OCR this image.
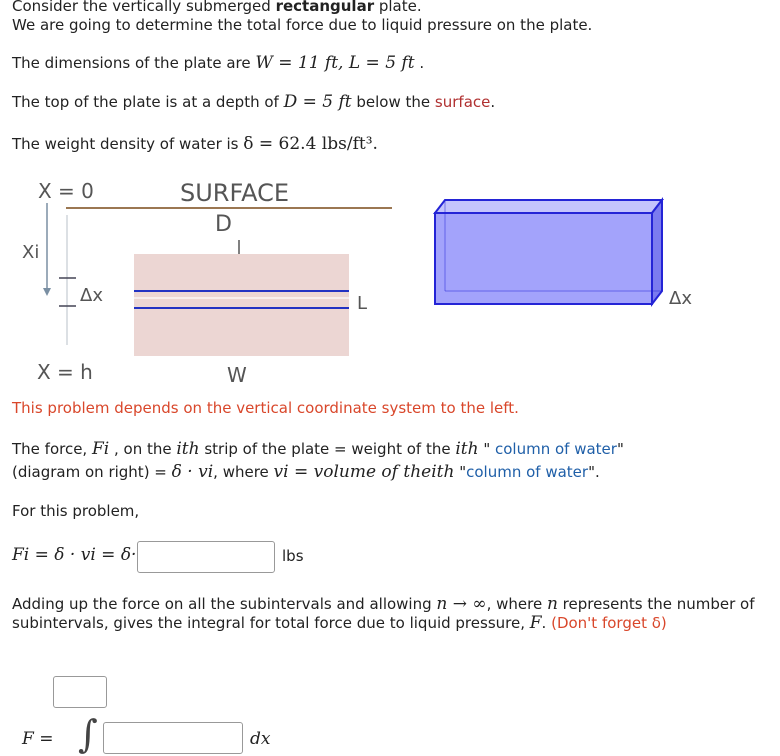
Consider the vertically submerged rectangular plate.
We are going to determine the total force due to liquid pressure on the plate.
The dimensions of the plate are W = 11 ft, L = 5 ft .
The top of the plate is at a depth of D = 5 ft below the surface.
The weight density of water is δ = 62.4 lbs/ft³.
X = 0	SURFACE
D
Xi
Δx	L
X = h	W
Δx
This problem depends on the vertical coordinate system to the left.
The force, Fi , on the ith strip of the plate = weight of the ith " column of water"
(diagram on right) = δ · vi, where vi = volume of theith "column of water".
For this problem,
Fi = δ · vi = δ·	lbs
Adding up the force on all the subintervals and allowing n → ∞, where n represents the number of
subintervals, gives the integral for total force due to liquid pressure, F. (Don't forget δ)
F = ∫	dx
